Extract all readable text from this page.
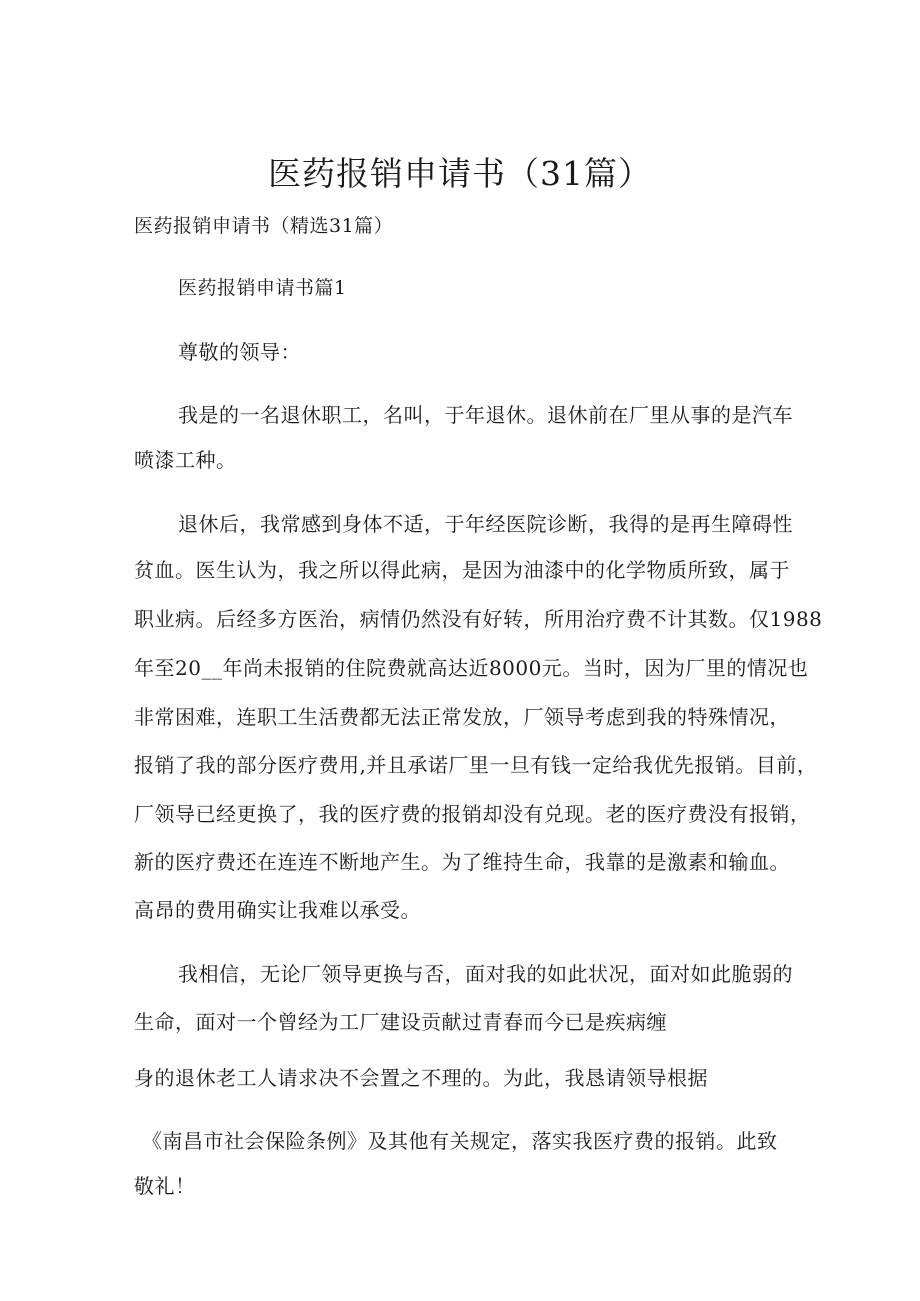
医药报销申请书（31篇）

医药报销申请书（精选31篇）

医药报销申请书篇1

尊敬的领导：

我是的一名退休职工，名叫，于年退休。退休前在厂里从事的是汽车

喷漆工种。

退休后，我常感到身体不适，于年经医院诊断，我得的是再生障碍性

贫血。医生认为，我之所以得此病，是因为油漆中的化学物质所致，属于

职业病。后经多方医治，病情仍然没有好转，所用治疗费不计其数。仅1988

年至20__年尚未报销的住院费就高达近8000元。当时，因为厂里的情况也

非常困难，连职工生活费都无法正常发放，厂领导考虑到我的特殊情况，

报销了我的部分医疗费用,并且承诺厂里一旦有钱一定给我优先报销。目前，

厂领导已经更换了，我的医疗费的报销却没有兑现。老的医疗费没有报销，

新的医疗费还在连连不断地产生。为了维持生命，我靠的是激素和输血。

高昂的费用确实让我难以承受。

我相信，无论厂领导更换与否，面对我的如此状况，面对如此脆弱的

生命，面对一个曾经为工厂建设贡献过青春而今已是疾病缠

身的退休老工人请求决不会置之不理的。为此，我恳请领导根据

《南昌市社会保险条例》及其他有关规定，落实我医疗费的报销。此致

敬礼！
